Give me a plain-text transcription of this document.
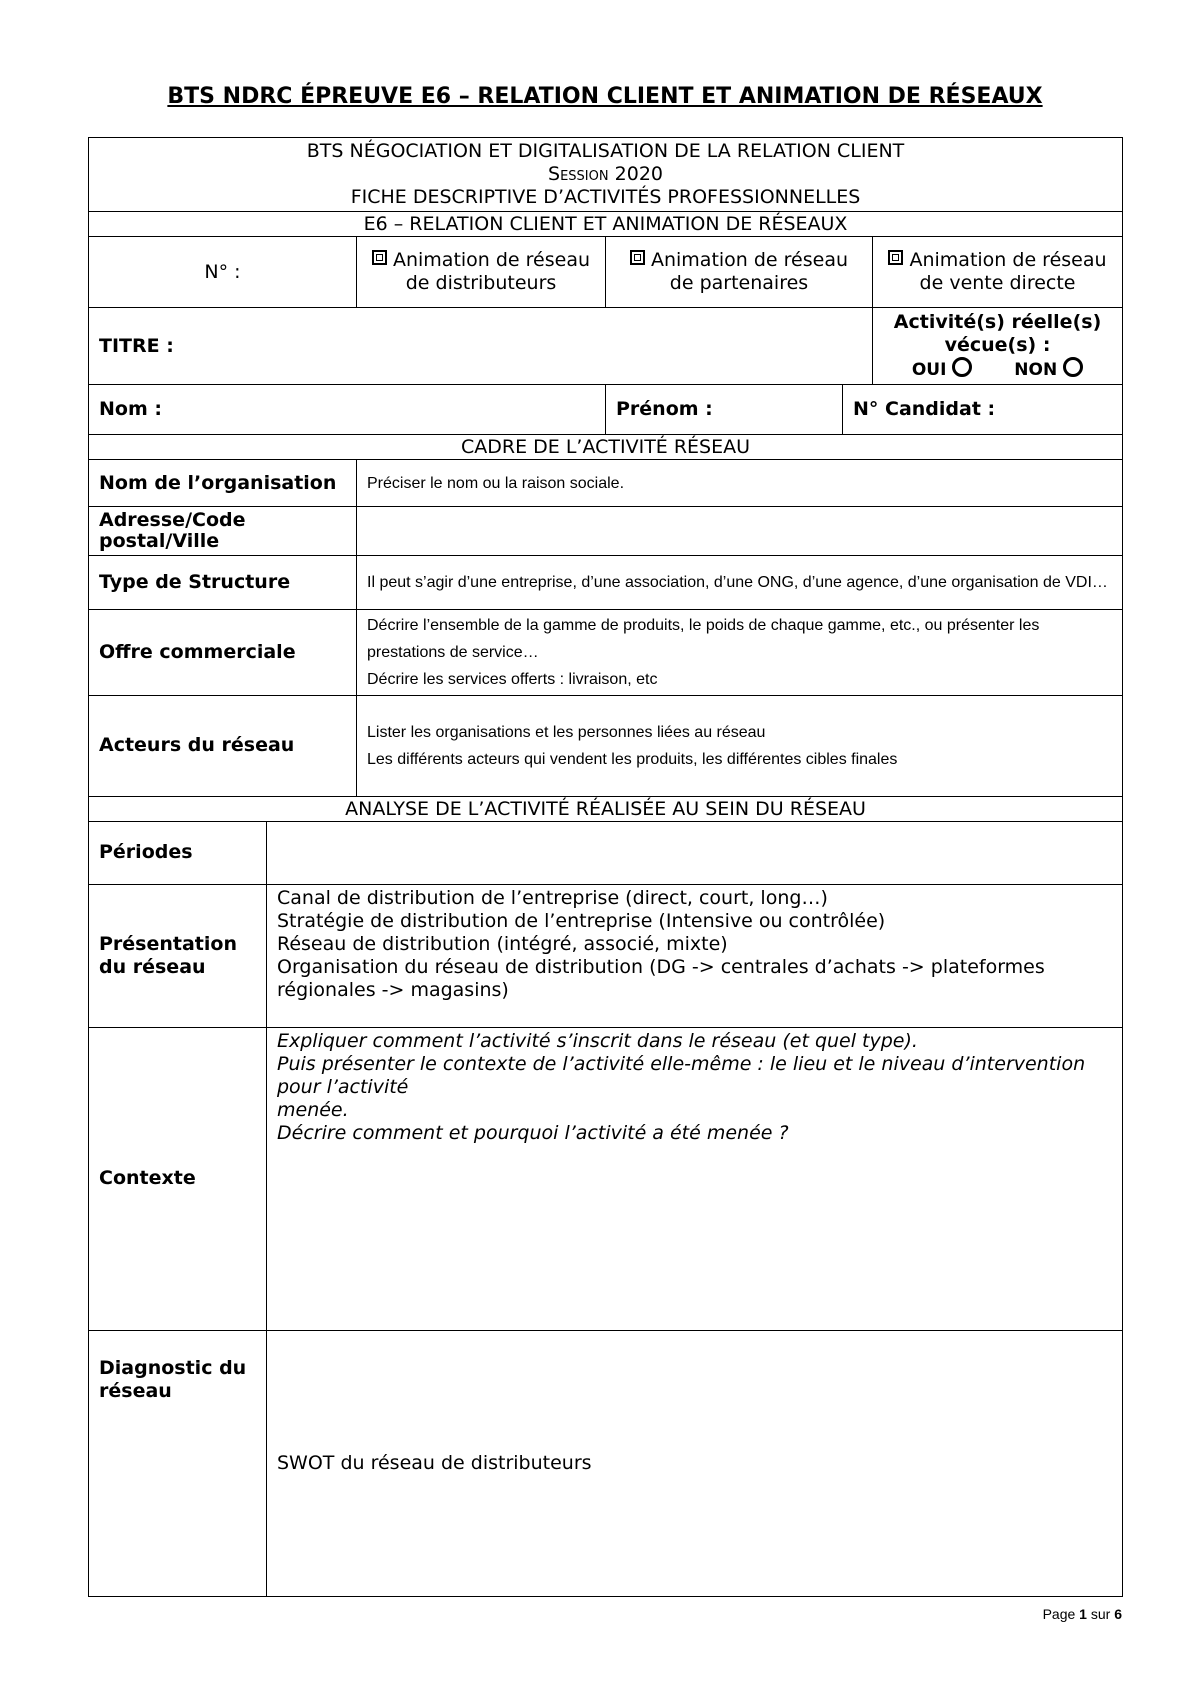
BTS NDRC ÉPREUVE E6 – RELATION CLIENT ET ANIMATION DE RÉSEAUX
BTS NÉGOCIATION ET DIGITALISATION DE LA RELATION CLIENT
Session 2020
FICHE DESCRIPTIVE D’ACTIVITÉS PROFESSIONNELLES					

E6 – RELATION CLIENT ET ANIMATION DE RÉSEAUX					
N° :		Animation de réseau de distributeurs	Animation de réseau de partenaires		Animation de réseau de vente directe
TITRE :					Activité(s) réelle(s) vécue(s) :
OUI NON

Nom :			Prénom :	N° Candidat :	
CADRE DE L’ACTIVITÉ RÉSEAU					
Nom de l’organisation		Préciser le nom ou la raison sociale.			
Adresse/Code postal/Ville					
Type de Structure		Il peut s’agir d’une entreprise, d’une association, d’une ONG, d’une agence, d’une organisation de VDI…			
Offre commerciale		Décrire l’ensemble de la gamme de produits, le poids de chaque gamme, etc., ou présenter les prestations de service…
Décrire les services offerts : livraison, etc			

Acteurs du réseau		Lister les organisations et les personnes liées au réseau
Les différents acteurs qui vendent les produits, les différentes cibles finales			

ANALYSE DE L’ACTIVITÉ RÉALISÉE AU SEIN DU RÉSEAU					
Périodes					
Présentation du réseau	Canal de distribution de l’entreprise (direct, court, long…)
Stratégie de distribution de l’entreprise (Intensive ou contrôlée)
Réseau de distribution (intégré, associé, mixte)
Organisation du réseau de distribution (DG -> centrales d’achats -> plateformes régionales -> magasins)				

Contexte	Expliquer comment l’activité s’inscrit dans le réseau (et quel type).
Puis présenter le contexte de l’activité elle-même : le lieu et le niveau d’intervention pour l’activité
menée.
Décrire comment et pourquoi l’activité a été menée ?				

Diagnostic du réseau	SWOT du réseau de distributeurs				
Page 1 sur 6
